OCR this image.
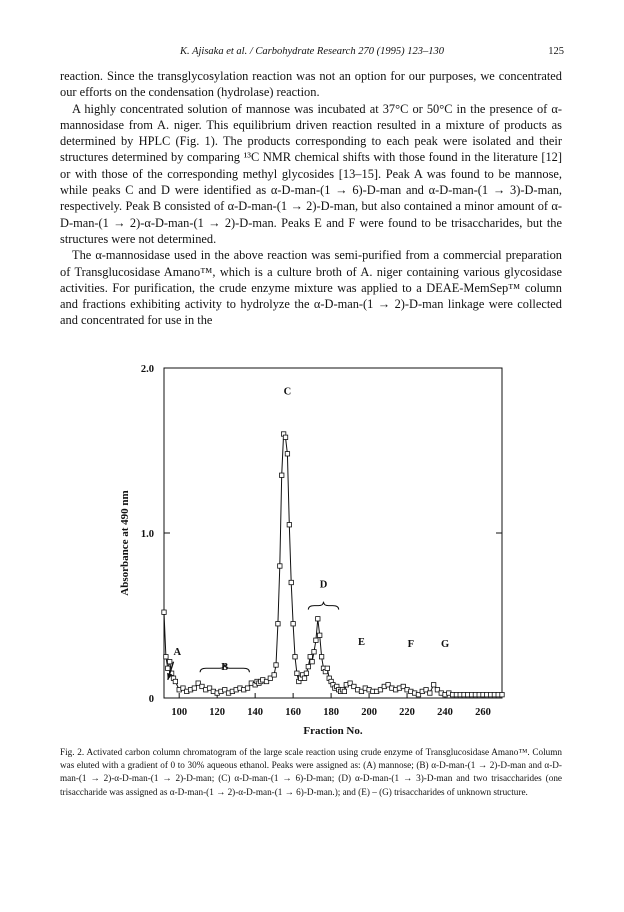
K. Ajisaka et al. / Carbohydrate Research 270 (1995) 123–130	125

reaction. Since the transglycosylation reaction was not an option for our purposes, we concentrated our efforts on the condensation (hydrolase) reaction.

A highly concentrated solution of mannose was incubated at 37°C or 50°C in the presence of α-mannosidase from A. niger. This equilibrium driven reaction resulted in a mixture of products as determined by HPLC (Fig. 1). The products corresponding to each peak were isolated and their structures determined by comparing ¹³C NMR chemical shifts with those found in the literature [12] or with those of the corresponding methyl glycosides [13–15]. Peak A was found to be mannose, while peaks C and D were identified as α-D-man-(1 → 6)-D-man and α-D-man-(1 → 3)-D-man, respectively. Peak B consisted of α-D-man-(1 → 2)-D-man, but also contained a minor amount of α-D-man-(1 → 2)-α-D-man-(1 → 2)-D-man. Peaks E and F were found to be trisaccharides, but the structures were not determined.

The α-mannosidase used in the above reaction was semi-purified from a commercial preparation of Transglucosidase Amano™, which is a culture broth of A. niger containing various glycosidase activities. For purification, the crude enzyme mixture was applied to a DEAE-MemSep™ column and fractions exhibiting activity to hydrolyze the α-D-man-(1 → 2)-D-man linkage were collected and concentrated for use in the

100 120 140 160 180 200 220 240 260
0
1.0
2.0
Fraction No.
Absorbance at 490 nm
A
B
C
D
E	F	G
Fig. 2. Activated carbon column chromatogram of the large scale reaction using crude enzyme of Transglucosidase Amano™. Column was eluted with a gradient of 0 to 30% aqueous ethanol. Peaks were assigned as: (A) mannose; (B) α-D-man-(1 → 2)-D-man and α-D-man-(1 → 2)-α-D-man-(1 → 2)-D-man; (C) α-D-man-(1 → 6)-D-man; (D) α-D-man-(1 → 3)-D-man and two trisaccharides (one trisaccharide was assigned as α-D-man-(1 → 2)-α-D-man-(1 → 6)-D-man.); and (E) – (G) trisaccharides of unknown structure.
